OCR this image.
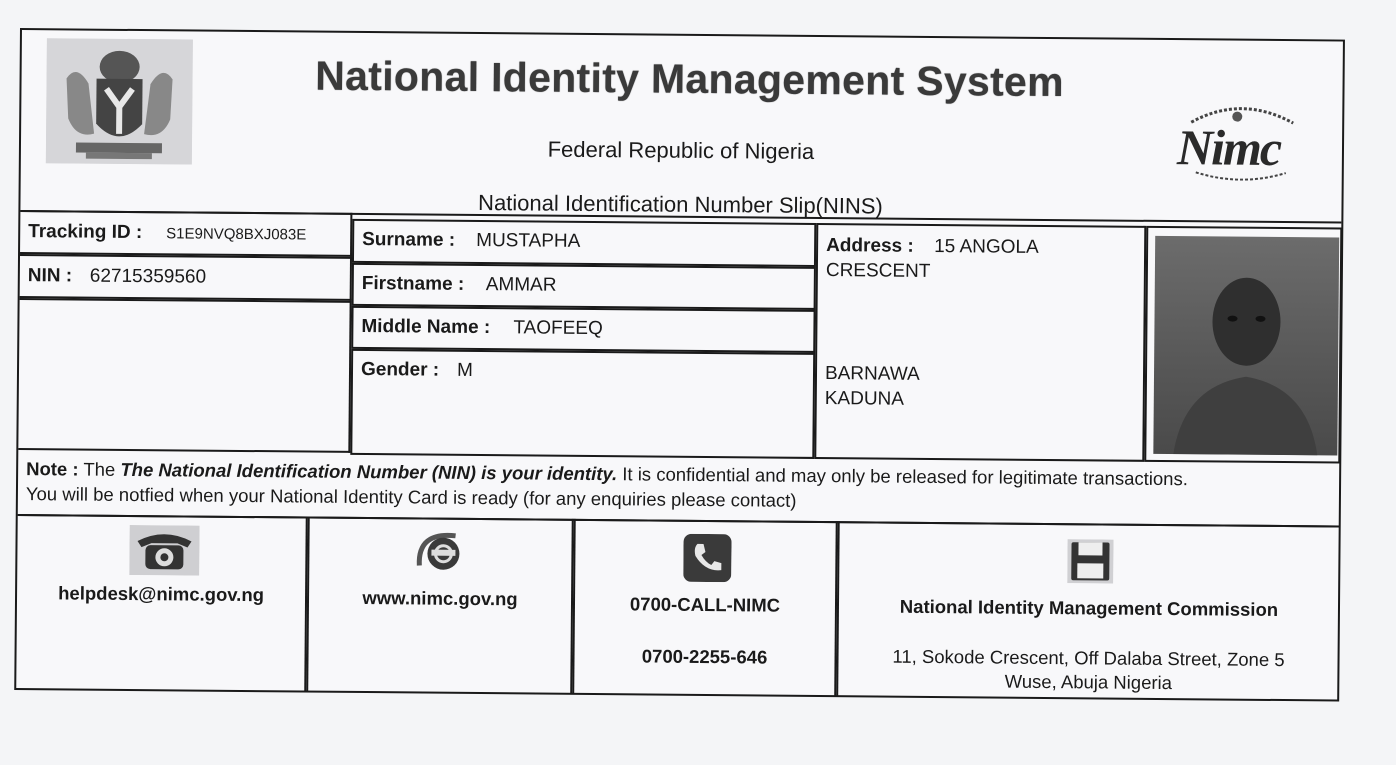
National Identity Management System
Federal Republic of Nigeria
National Identification Number Slip(NINS)
Nimc
Tracking ID : S1E9NVQ8BXJ083E
NIN : 62715359560
Surname : MUSTAPHA
Firstname : AMMAR
Middle Name : TAOFEEQ
Gender : M
Address : 15 ANGOLA
CRESCENT
BARNAWA
KADUNA
Note : The The National Identification Number (NIN) is your identity. It is confidential and may only be released for legitimate transactions.
You will be notfied when your National Identity Card is ready (for any enquiries please contact)
helpdesk@nimc.gov.ng	www.nimc.gov.ng	0700-CALL-NIMC
0700-2255-646
National Identity Management Commission
11, Sokode Crescent, Off Dalaba Street, Zone 5
Wuse, Abuja Nigeria
